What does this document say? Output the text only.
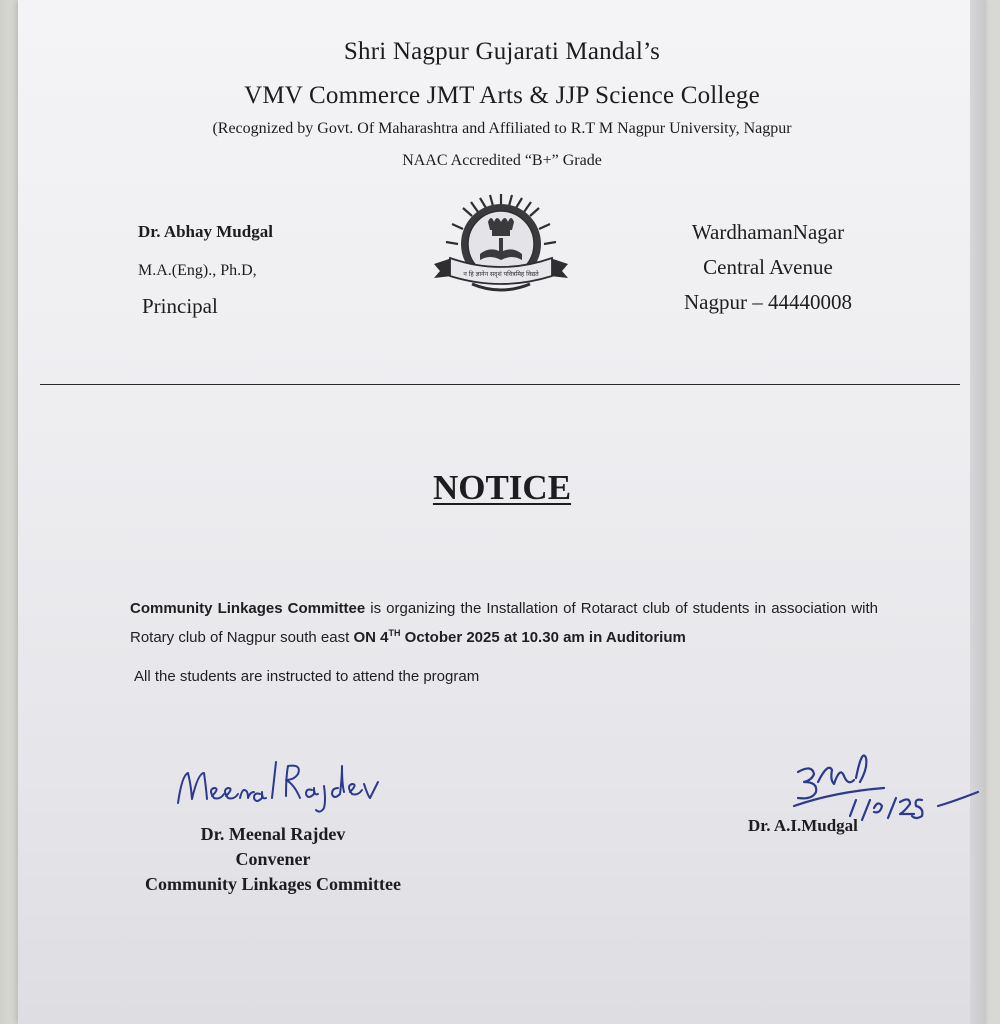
Shri Nagpur Gujarati Mandal’s
VMV Commerce JMT Arts & JJP Science College
(Recognized by Govt. Of Maharashtra and Affiliated to R.T M Nagpur University, Nagpur
NAAC Accredited “B+” Grade

Dr. Abhay Mudgal

M.A.(Eng)., Ph.D,

Principal

न हि ज्ञानेन सदृशं पवित्रमिह विद्यते

WardhamanNagar

Central Avenue

Nagpur – 44440008

NOTICE
Community Linkages Committee is organizing the Installation of Rotaract club of students in association with Rotary club of Nagpur south east ON 4TH October 2025 at 10.30 am in Auditorium
All the students are instructed to attend the program

Dr. Meenal Rajdev

Convener

Community Linkages Committee

Dr. A.I.Mudgal
